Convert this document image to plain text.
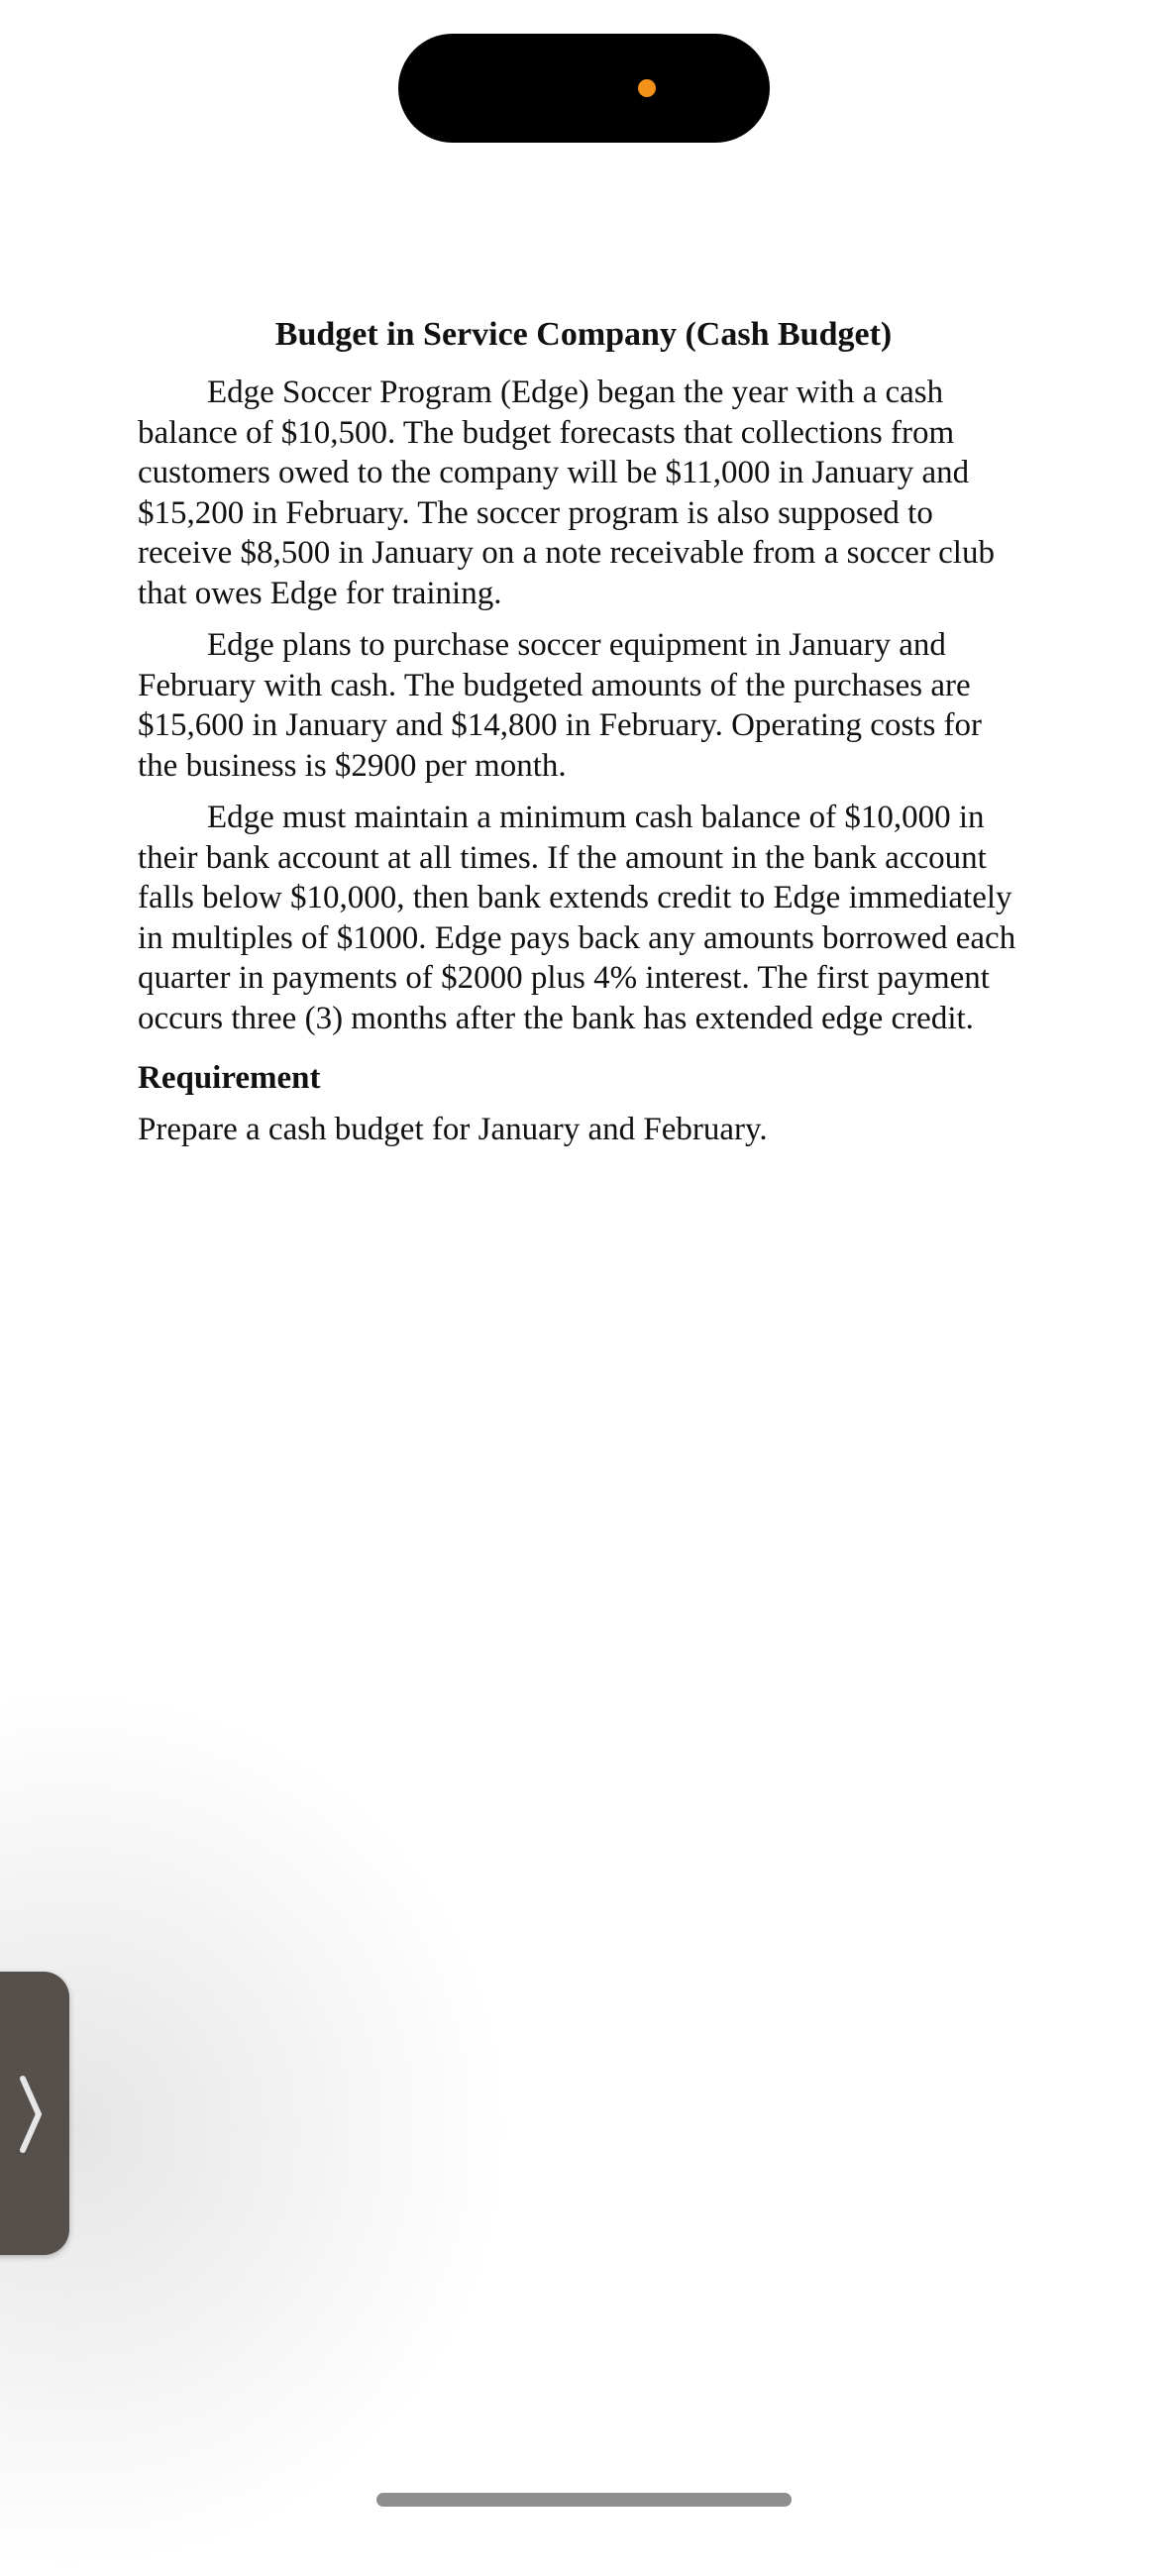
Budget in Service Company (Cash Budget)

Edge Soccer Program (Edge) began the year with a cash balance of $10,500. The budget forecasts that collections from customers owed to the company will be $11,000 in January and $15,200 in February. The soccer program is also supposed to receive $8,500 in January on a note receivable from a soccer club that owes Edge for training.

Edge plans to purchase soccer equipment in January and February with cash. The budgeted amounts of the purchases are $15,600 in January and $14,800 in February. Operating costs for the business is $2900 per month.

Edge must maintain a minimum cash balance of $10,000 in their bank account at all times. If the amount in the bank account falls below $10,000, then bank extends credit to Edge immediately in multiples of $1000. Edge pays back any amounts borrowed each quarter in payments of $2000 plus 4% interest. The first payment occurs three (3) months after the bank has extended edge credit.

Requirement

Prepare a cash budget for January and February.
